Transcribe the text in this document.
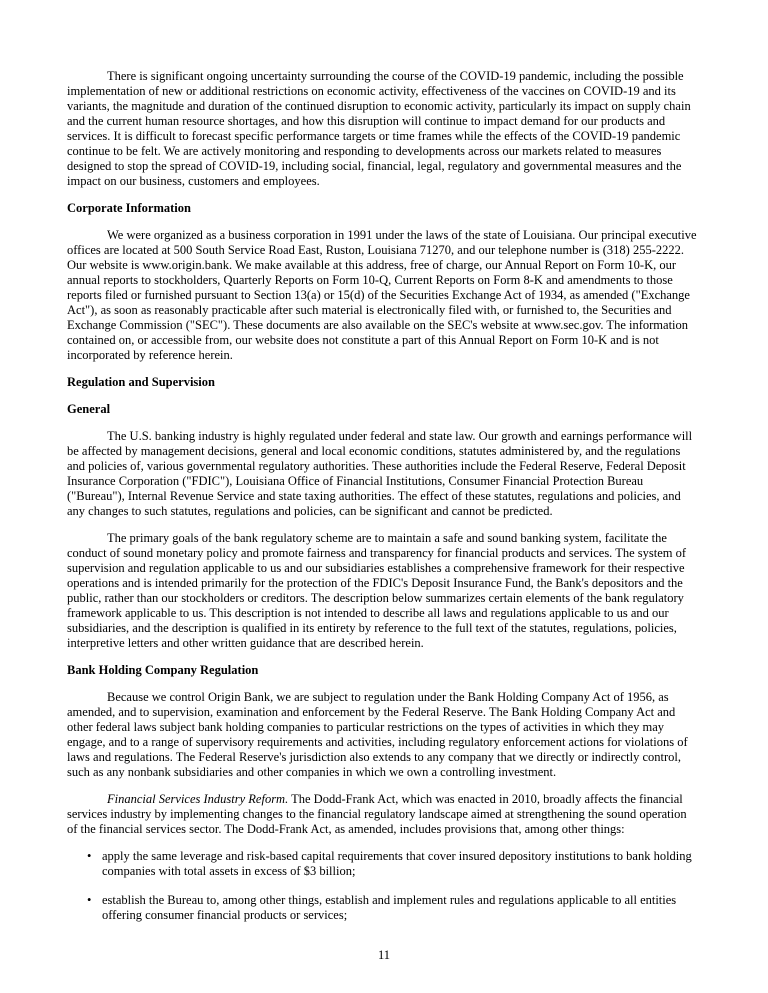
There is significant ongoing uncertainty surrounding the course of the COVID-19 pandemic, including the possible implementation of new or additional restrictions on economic activity, effectiveness of the vaccines on COVID-19 and its variants, the magnitude and duration of the continued disruption to economic activity, particularly its impact on supply chain and the current human resource shortages, and how this disruption will continue to impact demand for our products and services. It is difficult to forecast specific performance targets or time frames while the effects of the COVID-19 pandemic continue to be felt. We are actively monitoring and responding to developments across our markets related to measures designed to stop the spread of COVID-19, including social, financial, legal, regulatory and governmental measures and the impact on our business, customers and employees.

Corporate Information

We were organized as a business corporation in 1991 under the laws of the state of Louisiana. Our principal executive offices are located at 500 South Service Road East, Ruston, Louisiana 71270, and our telephone number is (318) 255-2222. Our website is www.origin.bank. We make available at this address, free of charge, our Annual Report on Form 10-K, our annual reports to stockholders, Quarterly Reports on Form 10-Q, Current Reports on Form 8-K and amendments to those reports filed or furnished pursuant to Section 13(a) or 15(d) of the Securities Exchange Act of 1934, as amended ("Exchange Act"), as soon as reasonably practicable after such material is electronically filed with, or furnished to, the Securities and Exchange Commission ("SEC"). These documents are also available on the SEC's website at www.sec.gov. The information contained on, or accessible from, our website does not constitute a part of this Annual Report on Form 10-K and is not incorporated by reference herein.

Regulation and Supervision

General

The U.S. banking industry is highly regulated under federal and state law. Our growth and earnings performance will be affected by management decisions, general and local economic conditions, statutes administered by, and the regulations and policies of, various governmental regulatory authorities. These authorities include the Federal Reserve, Federal Deposit Insurance Corporation ("FDIC"), Louisiana Office of Financial Institutions, Consumer Financial Protection Bureau ("Bureau"), Internal Revenue Service and state taxing authorities. The effect of these statutes, regulations and policies, and any changes to such statutes, regulations and policies, can be significant and cannot be predicted.

The primary goals of the bank regulatory scheme are to maintain a safe and sound banking system, facilitate the conduct of sound monetary policy and promote fairness and transparency for financial products and services. The system of supervision and regulation applicable to us and our subsidiaries establishes a comprehensive framework for their respective operations and is intended primarily for the protection of the FDIC's Deposit Insurance Fund, the Bank's depositors and the public, rather than our stockholders or creditors. The description below summarizes certain elements of the bank regulatory framework applicable to us. This description is not intended to describe all laws and regulations applicable to us and our subsidiaries, and the description is qualified in its entirety by reference to the full text of the statutes, regulations, policies, interpretive letters and other written guidance that are described herein.

Bank Holding Company Regulation

Because we control Origin Bank, we are subject to regulation under the Bank Holding Company Act of 1956, as amended, and to supervision, examination and enforcement by the Federal Reserve. The Bank Holding Company Act and other federal laws subject bank holding companies to particular restrictions on the types of activities in which they may engage, and to a range of supervisory requirements and activities, including regulatory enforcement actions for violations of laws and regulations. The Federal Reserve's jurisdiction also extends to any company that we directly or indirectly control, such as any nonbank subsidiaries and other companies in which we own a controlling investment.

Financial Services Industry Reform. The Dodd-Frank Act, which was enacted in 2010, broadly affects the financial services industry by implementing changes to the financial regulatory landscape aimed at strengthening the sound operation of the financial services sector. The Dodd-Frank Act, as amended, includes provisions that, among other things:

• apply the same leverage and risk-based capital requirements that cover insured depository institutions to bank holding companies with total assets in excess of $3 billion;
• establish the Bureau to, among other things, establish and implement rules and regulations applicable to all entities offering consumer financial products or services;
11
